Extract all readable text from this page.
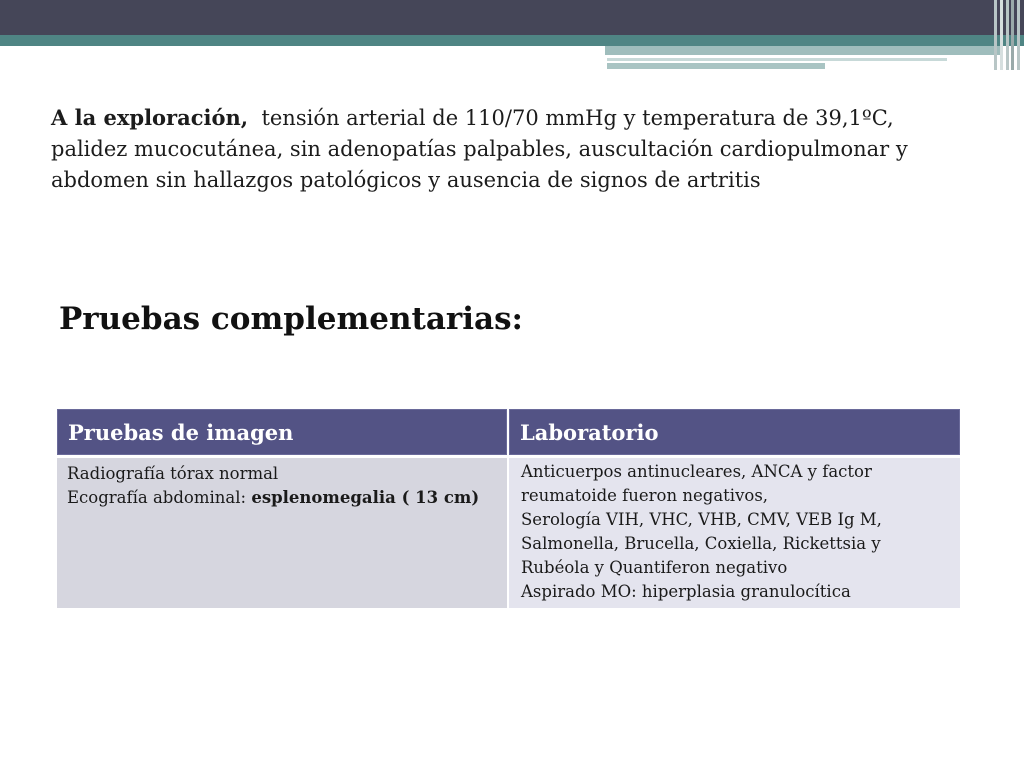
A la exploración, tensión arterial de 110/70 mmHg y temperatura de 39,1ºC, palidez mucocutánea, sin adenopatías palpables, auscultación cardiopulmonar y abdomen sin hallazgos patológicos y ausencia de signos de artritis

Pruebas complementarias:
Pruebas de imagen
Radiografía tórax normal
Ecografía abdominal: esplenomegalia ( 13 cm)
Laboratorio
Anticuerpos antinucleares, ANCA y factor reumatoide fueron negativos,
Serología VIH, VHC, VHB, CMV, VEB Ig M, Salmonella, Brucella, Coxiella, Rickettsia y Rubéola y Quantiferon negativo
Aspirado MO: hiperplasia granulocítica
